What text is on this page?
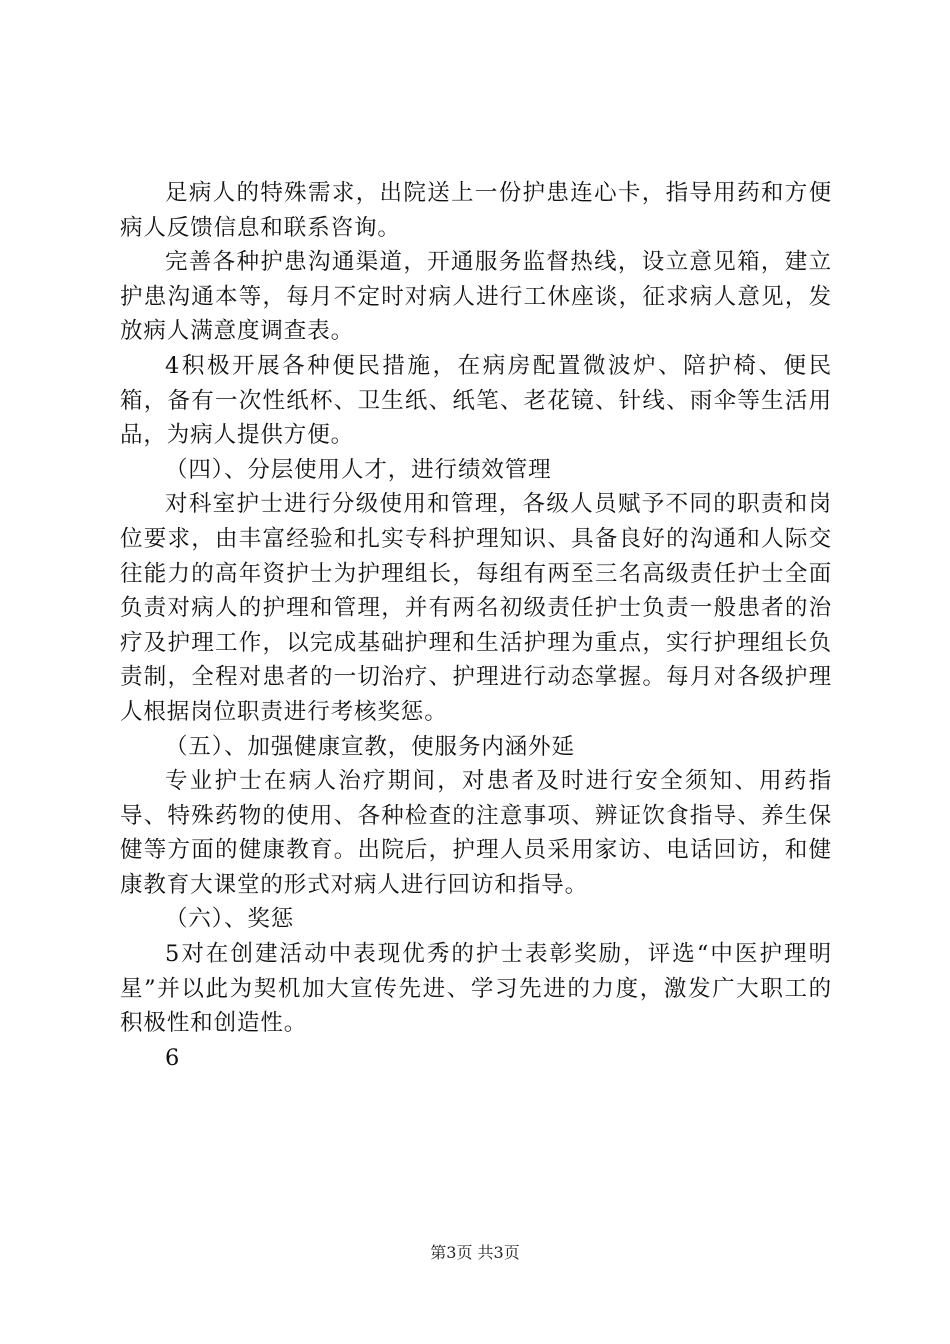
足病人的特殊需求，出院送上一份护患连心卡，指导用药和方便病人反馈信息和联系咨询。

完善各种护患沟通渠道，开通服务监督热线，设立意见箱，建立护患沟通本等，每月不定时对病人进行工休座谈，征求病人意见，发放病人满意度调查表。

4积极开展各种便民措施，在病房配置微波炉、陪护椅、便民箱，备有一次性纸杯、卫生纸、纸笔、老花镜、针线、雨伞等生活用品，为病人提供方便。

（四）、分层使用人才，进行绩效管理

对科室护士进行分级使用和管理，各级人员赋予不同的职责和岗位要求，由丰富经验和扎实专科护理知识、具备良好的沟通和人际交往能力的高年资护士为护理组长，每组有两至三名高级责任护士全面负责对病人的护理和管理，并有两名初级责任护士负责一般患者的治疗及护理工作，以完成基础护理和生活护理为重点，实行护理组长负责制，全程对患者的一切治疗、护理进行动态掌握。每月对各级护理人根据岗位职责进行考核奖惩。

（五）、加强健康宣教，使服务内涵外延

专业护士在病人治疗期间，对患者及时进行安全须知、用药指导、特殊药物的使用、各种检查的注意事项、辨证饮食指导、养生保健等方面的健康教育。出院后，护理人员采用家访、电话回访，和健康教育大课堂的形式对病人进行回访和指导。

（六）、奖惩

5对在创建活动中表现优秀的护士表彰奖励，评选“中医护理明星”并以此为契机加大宣传先进、学习先进的力度，激发广大职工的积极性和创造性。

6

第3页 共3页
